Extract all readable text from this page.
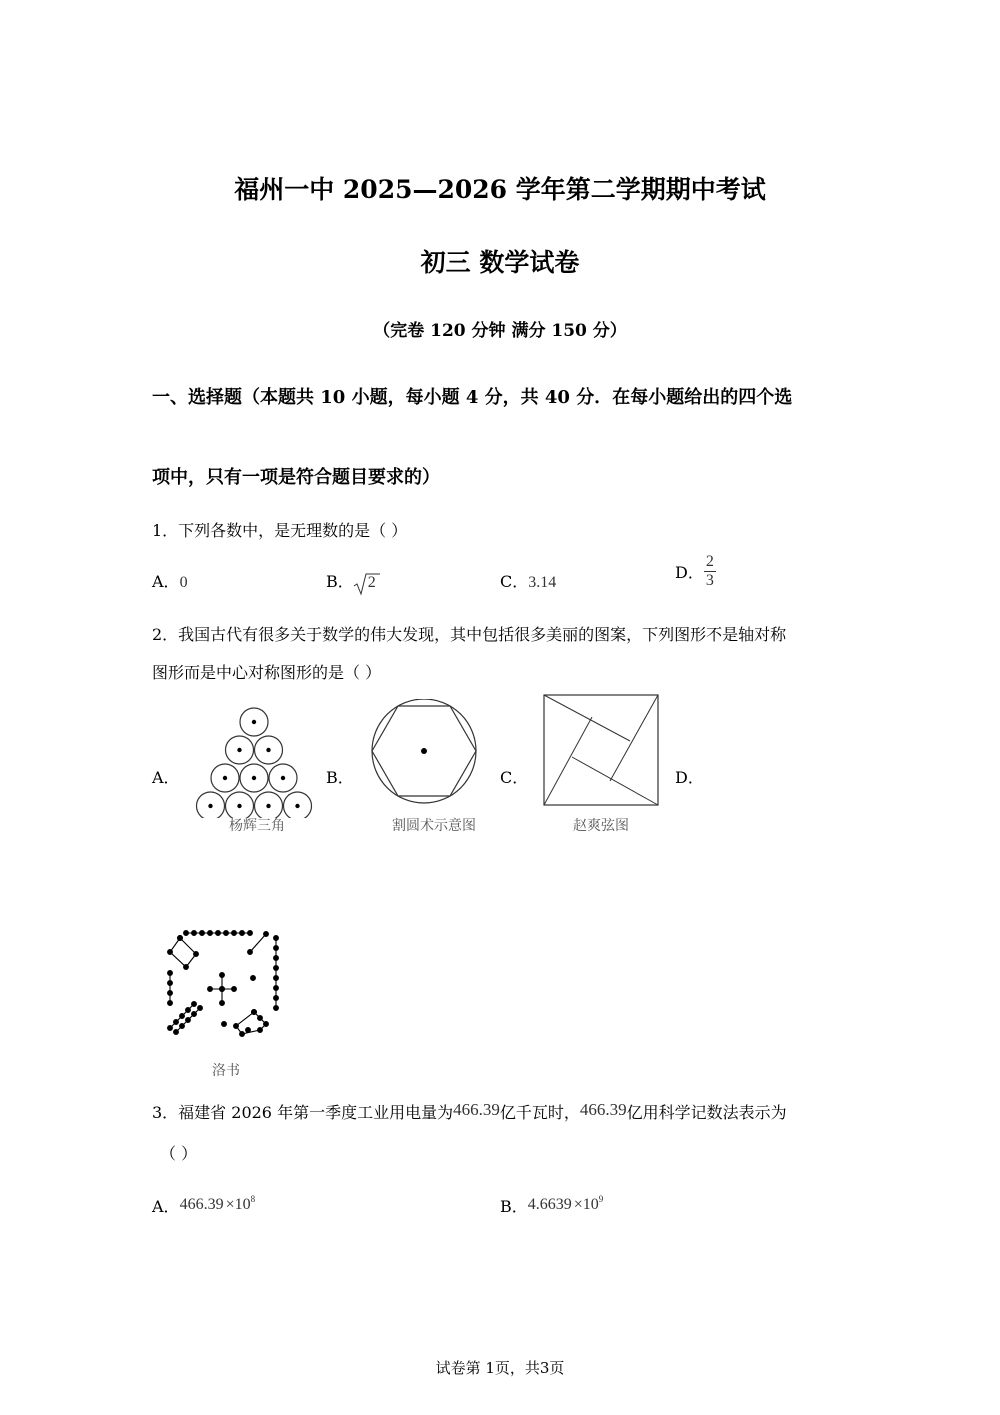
福州一中 2025—2026 学年第二学期期中考试
初三 数学试卷
（完卷 120 分钟 满分 150 分）
一、选择题（本题共 10 小题，每小题 4 分，共 40 分．在每小题给出的四个选
项中，只有一项是符合题目要求的）
1．下列各数中，是无理数的是（ ）
A．0	B． 2	C．3.14
D． $\frac{2}{3}$
2．我国古代有很多关于数学的伟大发现，其中包括很多美丽的图案，下列图形不是轴对称
图形而是中心对称图形的是（ ）
A．	B．	C．	D．
杨辉三角	割圆术示意图	赵爽弦图
洛书
3．福建省 2026 年第一季度工业用电量为466.39亿千瓦时，466.39亿用科学记数法表示为
（ ）
A．$466.39 \times 10^8$	B．$4.6639 \times 10^9$
试卷第 1页，共3页
